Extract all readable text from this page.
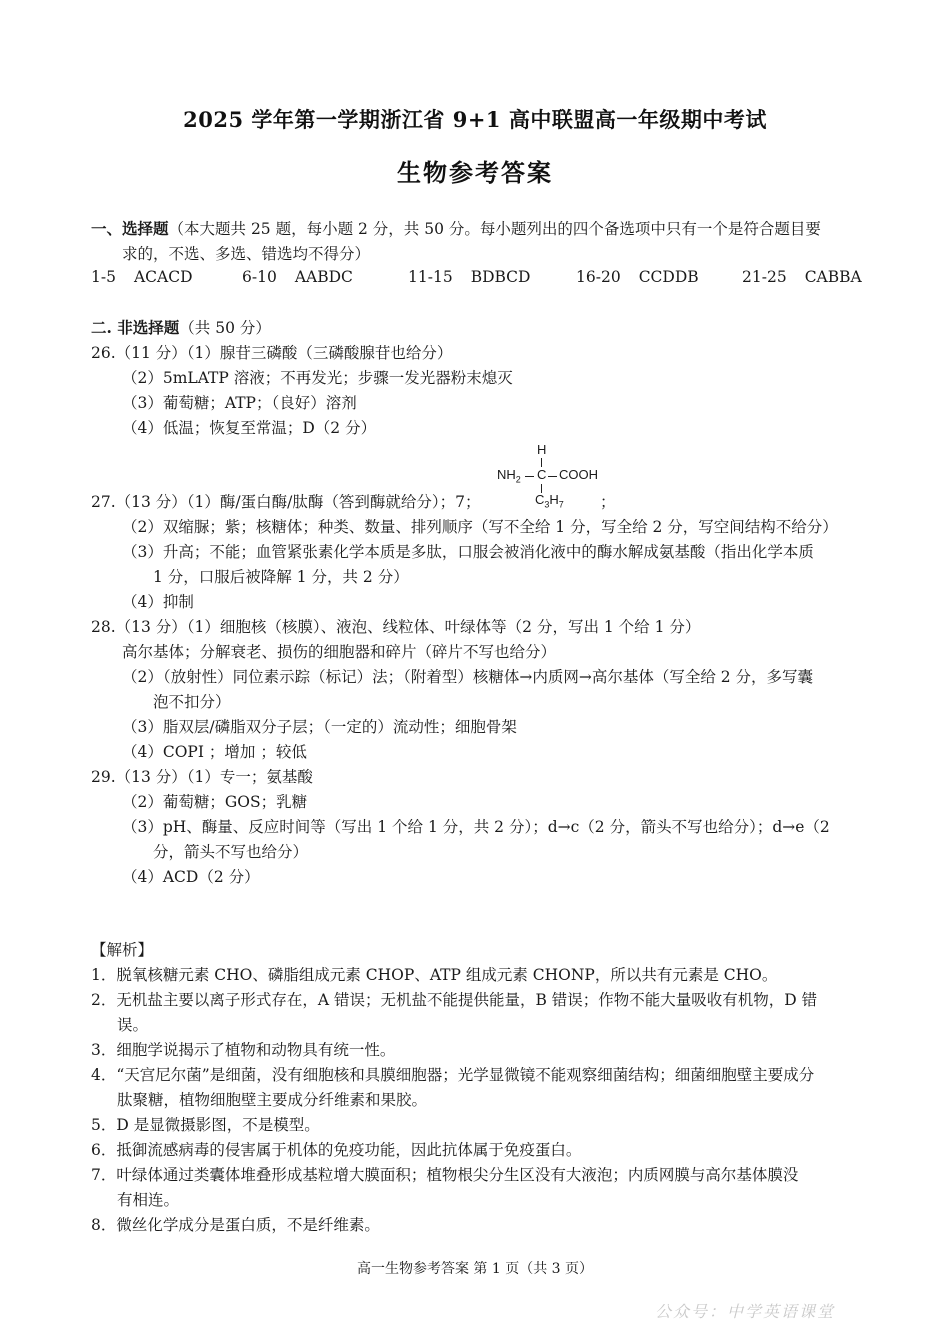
2025 学年第一学期浙江省 9+1 高中联盟高一年级期中考试
生物参考答案
一、选择题（本大题共 25 题，每小题 2 分，共 50 分。每小题列出的四个备选项中只有一个是符合题目要
求的，不选、多选、错选均不得分）
1-5 ACACD	6-10 AABDC	11-15 BDBCD	16-20 CCDDB	21-25 CABBA
二. 非选择题（共 50 分）
26.（11 分）（1）腺苷三磷酸（三磷酸腺苷也给分）
（2）5mLATP 溶液；不再发光；步骤一发光器粉末熄灭
（3）葡萄糖；ATP；（良好）溶剂
（4）低温；恢复至常温；D（2 分）
27.（13 分）（1）酶/蛋白酶/肽酶（答到酶就给分）；7；
H
$NH_2$ C COOH
$C_3H_7$ ；
（2）双缩脲；紫；核糖体；种类、数量、排列顺序（写不全给 1 分，写全给 2 分，写空间结构不给分）
（3）升高；不能；血管紧张素化学本质是多肽，口服会被消化液中的酶水解成氨基酸（指出化学本质
1 分，口服后被降解 1 分，共 2 分）
（4）抑制
28.（13 分）（1）细胞核（核膜）、液泡、线粒体、叶绿体等（2 分，写出 1 个给 1 分）
高尔基体；分解衰老、损伤的细胞器和碎片（碎片不写也给分）
（2）（放射性）同位素示踪（标记）法；（附着型）核糖体→内质网→高尔基体（写全给 2 分，多写囊
泡不扣分）
（3）脂双层/磷脂双分子层；（一定的）流动性；细胞骨架
（4）COPI ；增加 ；较低
29.（13 分）（1）专一；氨基酸
（2）葡萄糖；GOS；乳糖
（3）pH、酶量、反应时间等（写出 1 个给 1 分，共 2 分）；d→c（2 分，箭头不写也给分）；d→e（2
分，箭头不写也给分）
（4）ACD（2 分）
【解析】
1．脱氧核糖元素 CHO、磷脂组成元素 CHOP、ATP 组成元素 CHONP，所以共有元素是 CHO。
2．无机盐主要以离子形式存在，A 错误；无机盐不能提供能量，B 错误；作物不能大量吸收有机物，D 错
误。
3．细胞学说揭示了植物和动物具有统一性。
4．“天宫尼尔菌”是细菌，没有细胞核和具膜细胞器；光学显微镜不能观察细菌结构；细菌细胞壁主要成分
肽聚糖，植物细胞壁主要成分纤维素和果胶。
5．D 是显微摄影图，不是模型。
6．抵御流感病毒的侵害属于机体的免疫功能，因此抗体属于免疫蛋白。
7．叶绿体通过类囊体堆叠形成基粒增大膜面积；植物根尖分生区没有大液泡；内质网膜与高尔基体膜没
有相连。
8．微丝化学成分是蛋白质，不是纤维素。
高一生物参考答案 第 1 页（共 3 页）
公众号：中学英语课堂
